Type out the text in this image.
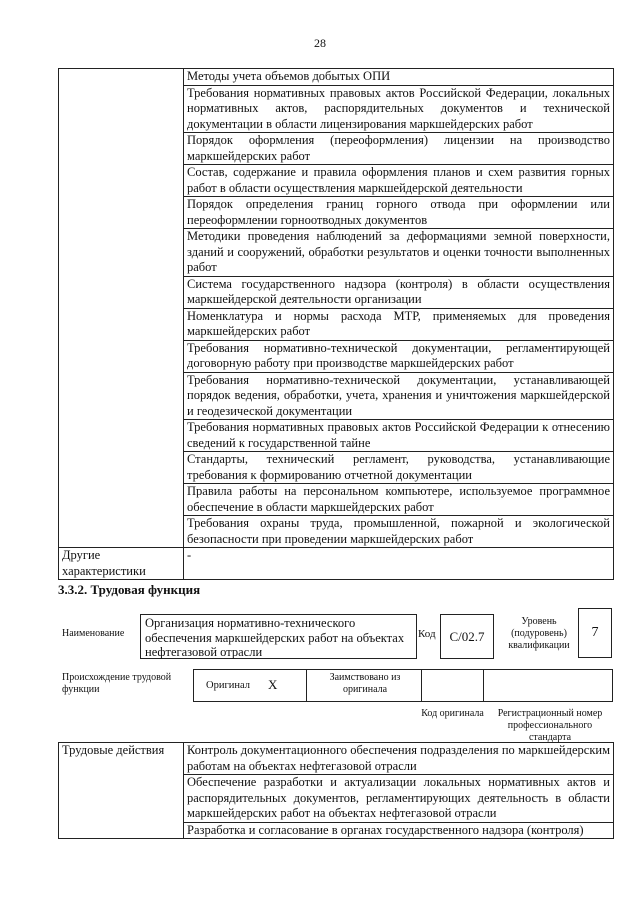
28
	Методы учета объемов добытых ОПИ
	Требования нормативных правовых актов Российской Федерации, локальных нормативных актов, распорядительных документов и технической документации в области лицензирования маркшейдерских работ
	Порядок оформления (переоформления) лицензии на производство маркшейдерских работ
	Состав, содержание и правила оформления планов и схем развития горных работ в области осуществления маркшейдерской деятельности
	Порядок определения границ горного отвода при оформлении или переоформлении горноотводных документов
	Методики проведения наблюдений за деформациями земной поверхности, зданий и сооружений, обработки результатов и оценки точности выполненных работ
	Система государственного надзора (контроля) в области осуществления маркшейдерской деятельности организации
	Номенклатура и нормы расхода МТР, применяемых для проведения маркшейдерских работ
	Требования нормативно-технической документации, регламентирующей договорную работу при производстве маркшейдерских работ
	Требования нормативно-технической документации, устанавливающей порядок ведения, обработки, учета, хранения и уничтожения маркшейдерской и геодезической документации
	Требования нормативных правовых актов Российской Федерации к отнесению сведений к государственной тайне
	Стандарты, технический регламент, руководства, устанавливающие требования к формированию отчетной документации
	Правила работы на персональном компьютере, используемое программное обеспечение в области маркшейдерских работ
	Требования охраны труда, промышленной, пожарной и экологической безопасности при проведении маркшейдерских работ
Другие характеристики	-
3.3.2. Трудовая функция
Наименование
Организация нормативно-технического обеспечения маркшейдерских работ на объектах нефтегазовой отрасли
Код	С/02.7
Уровень (подуровень) квалификации
7
Происхождение трудовой функции	Оригинал Х	Заимствовано из оригинала
Код оригинала	Регистрационный номер профессионального стандарта
Трудовые действия	Контроль документационного обеспечения подразделения по маркшейдерским работам на объектах нефтегазовой отрасли
Обеспечение разработки и актуализации локальных нормативных актов и распорядительных документов, регламентирующих деятельность в области маркшейдерских работ на объектах нефтегазовой отрасли
Разработка и согласование в органах государственного надзора (контроля)
